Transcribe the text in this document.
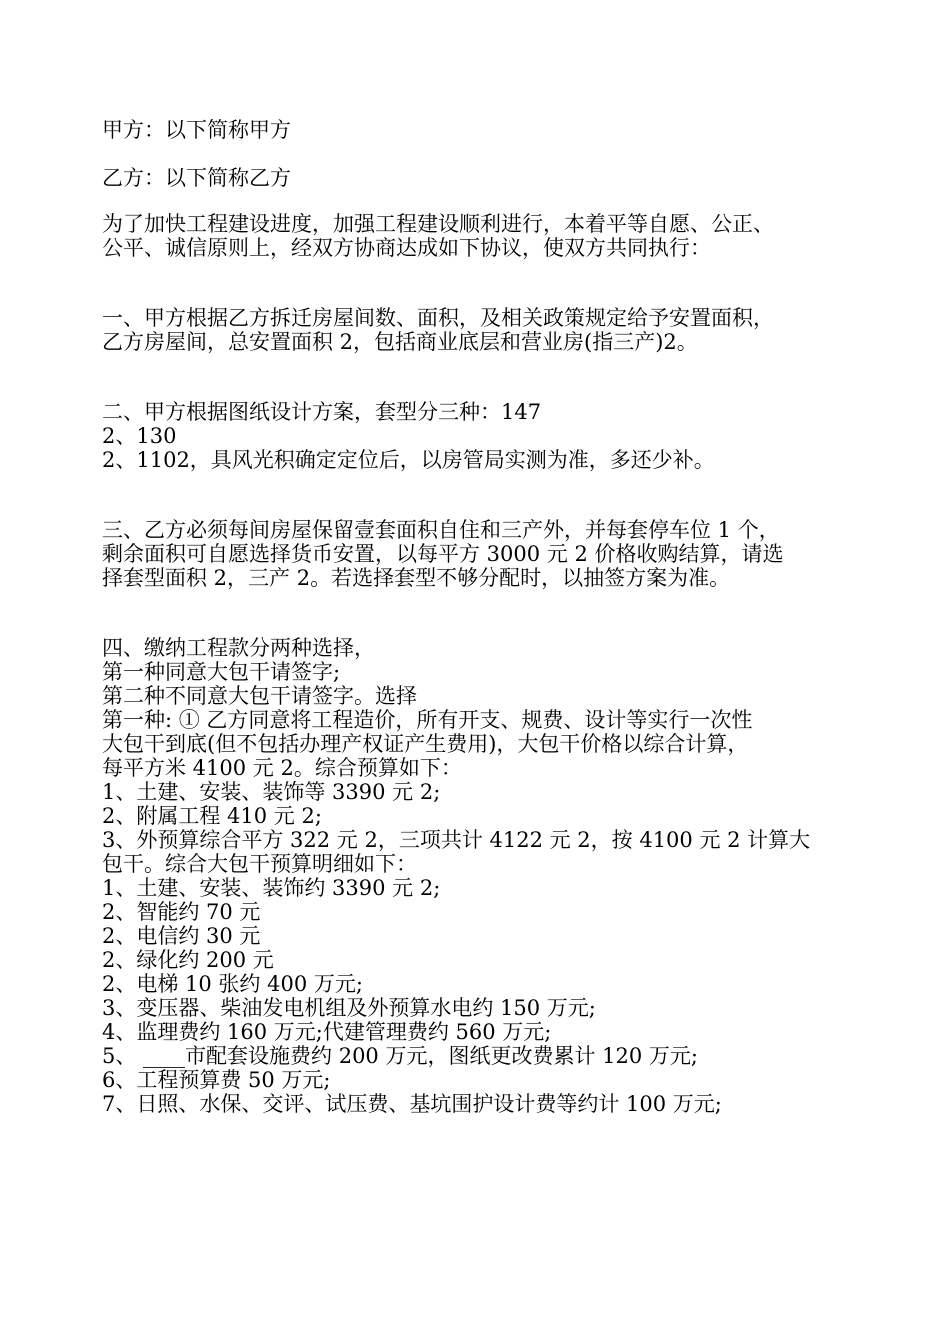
甲方：以下简称甲方
乙方：以下简称乙方
为了加快工程建设进度，加强工程建设顺利进行，本着平等自愿、公正、
公平、诚信原则上，经双方协商达成如下协议，使双方共同执行：
一、甲方根据乙方拆迁房屋间数、面积，及相关政策规定给予安置面积，
乙方房屋间，总安置面积 2，包括商业底层和营业房(指三产)2。
二、甲方根据图纸设计方案，套型分三种：147
2、130
2、1102，具风光积确定定位后，以房管局实测为准，多还少补。
三、乙方必须每间房屋保留壹套面积自住和三产外，并每套停车位 1 个，
剩余面积可自愿选择货币安置，以每平方 3000 元 2 价格收购结算，请选
择套型面积 2，三产 2。若选择套型不够分配时，以抽签方案为准。
四、缴纳工程款分两种选择，
第一种同意大包干请签字;
第二种不同意大包干请签字。选择
第一种: ① 乙方同意将工程造价，所有开支、规费、设计等实行一次性
大包干到底(但不包括办理产权证产生费用)，大包干价格以综合计算，
每平方米 4100 元 2。综合预算如下：
1、土建、安装、装饰等 3390 元 2;
2、附属工程 410 元 2;
3、外预算综合平方 322 元 2，三项共计 4122 元 2，按 4100 元 2 计算大
包干。综合大包干预算明细如下：
1、土建、安装、装饰约 3390 元 2;
2、智能约 70 元
2、电信约 30 元
2、绿化约 200 元
2、电梯 10 张约 400 万元;
3、变压器、柴油发电机组及外预算水电约 150 万元;
4、监理费约 160 万元;代建管理费约 560 万元;
5、 ____市配套设施费约 200 万元，图纸更改费累计 120 万元;
6、工程预算费 50 万元;
7、日照、水保、交评、试压费、基坑围护设计费等约计 100 万元;
